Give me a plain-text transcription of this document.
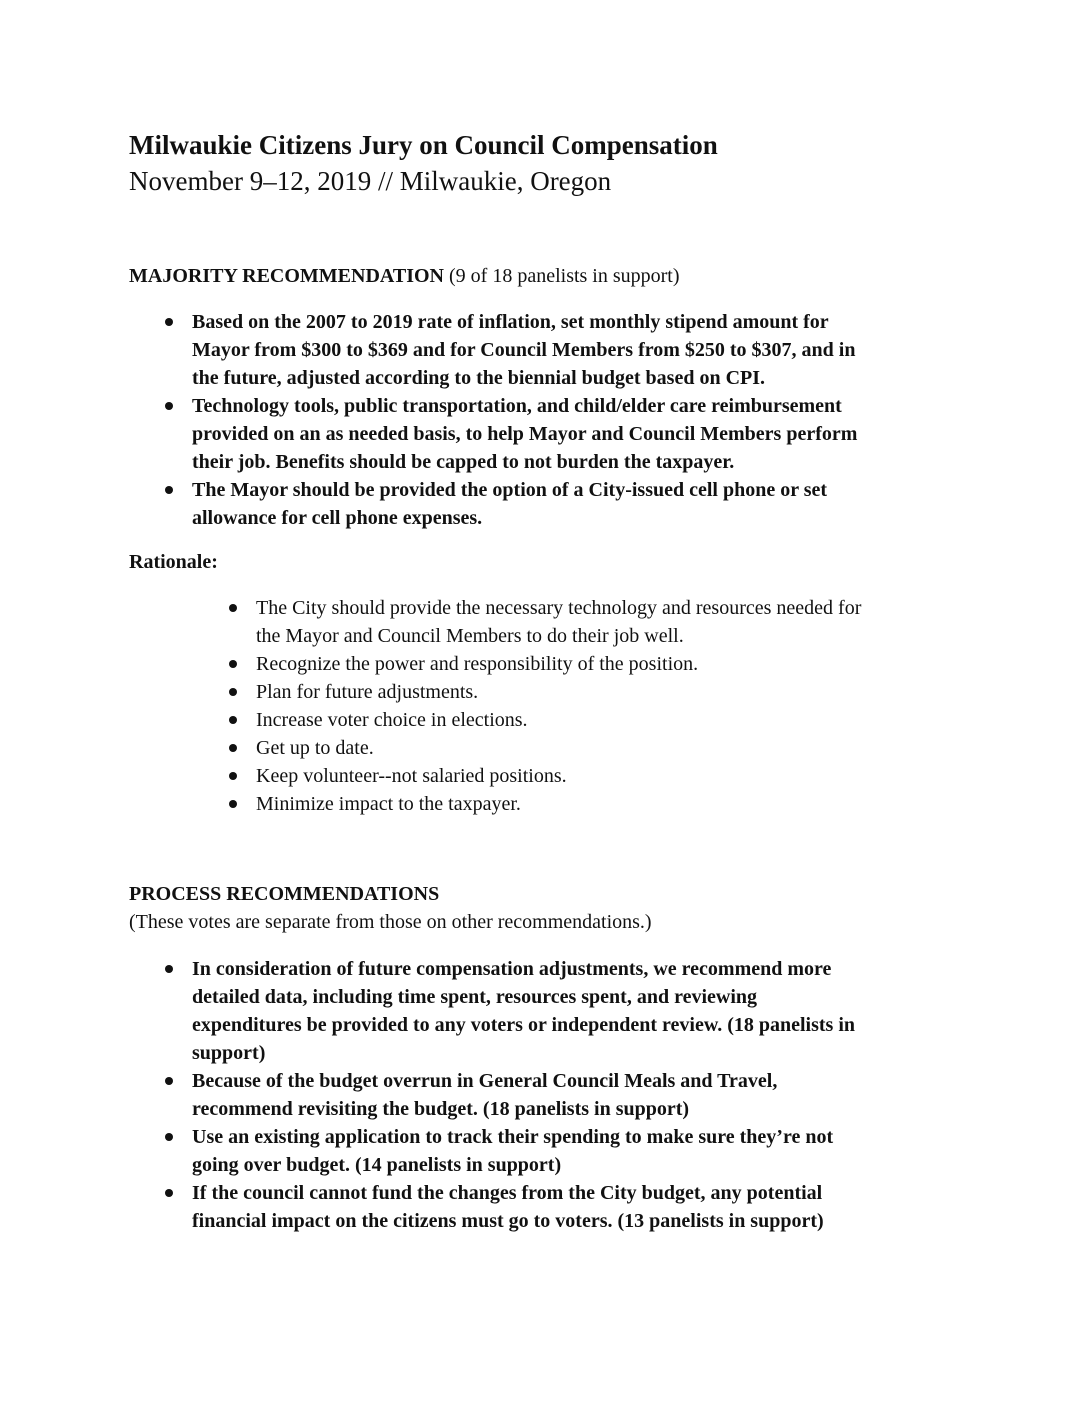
Milwaukie Citizens Jury on Council Compensation
November 9–12, 2019 // Milwaukie, Oregon
MAJORITY RECOMMENDATION (9 of 18 panelists in support)
Based on the 2007 to 2019 rate of inflation, set monthly stipend amount for
Mayor from $300 to $369 and for Council Members from $250 to $307, and in
the future, adjusted according to the biennial budget based on CPI.
Technology tools, public transportation, and child/elder care reimbursement
provided on an as needed basis, to help Mayor and Council Members perform
their job. Benefits should be capped to not burden the taxpayer.
The Mayor should be provided the option of a City-issued cell phone or set
allowance for cell phone expenses.
Rationale:
The City should provide the necessary technology and resources needed for
the Mayor and Council Members to do their job well.
Recognize the power and responsibility of the position.
Plan for future adjustments.
Increase voter choice in elections.
Get up to date.
Keep volunteer--not salaried positions.
Minimize impact to the taxpayer.
PROCESS RECOMMENDATIONS
(These votes are separate from those on other recommendations.)
In consideration of future compensation adjustments, we recommend more
detailed data, including time spent, resources spent, and reviewing
expenditures be provided to any voters or independent review. (18 panelists in
support)
Because of the budget overrun in General Council Meals and Travel,
recommend revisiting the budget. (18 panelists in support)
Use an existing application to track their spending to make sure they’re not
going over budget. (14 panelists in support)
If the council cannot fund the changes from the City budget, any potential
financial impact on the citizens must go to voters. (13 panelists in support)
